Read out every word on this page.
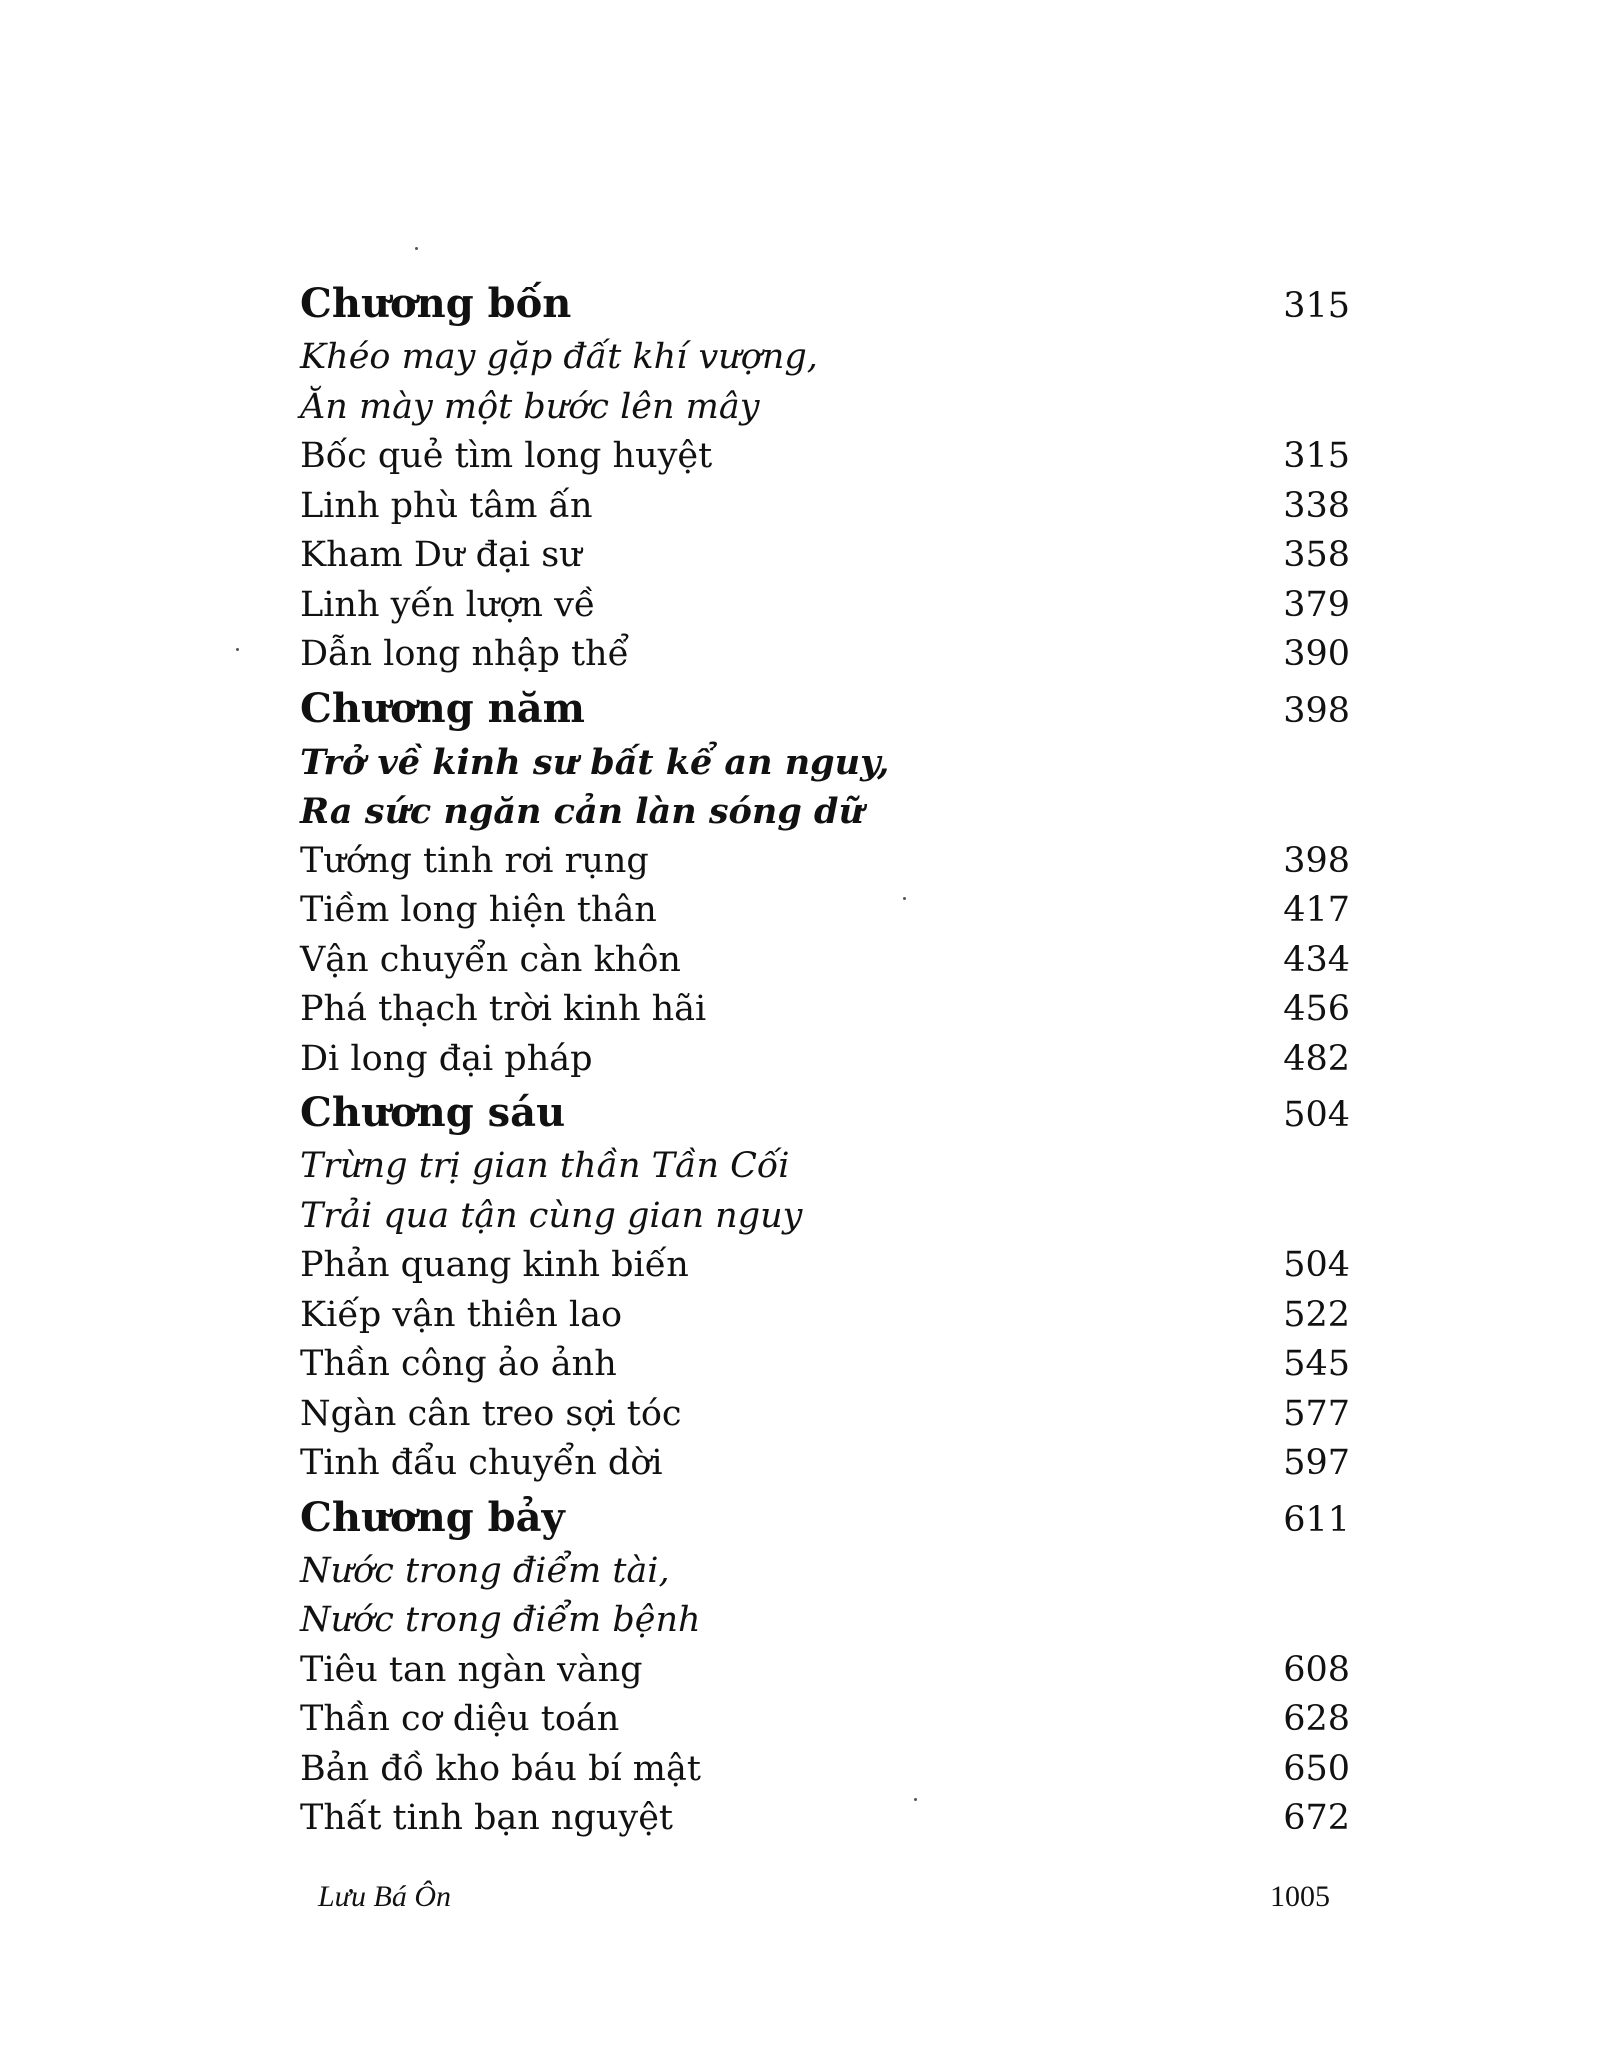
Chương bốn	315
Khéo may gặp đất khí vượng,
Ăn mày một bước lên mây
Bốc quẻ tìm long huyệt	315
Linh phù tâm ấn	338
Kham Dư đại sư	358
Linh yến lượn về	379
Dẫn long nhập thể	390
Chương năm	398
Trở về kinh sư bất kể an nguy,
Ra sức ngăn cản làn sóng dữ
Tướng tinh rơi rụng	398
Tiềm long hiện thân	417
Vận chuyển càn khôn	434
Phá thạch trời kinh hãi	456
Di long đại pháp	482
Chương sáu	504
Trừng trị gian thần Tần Cối
Trải qua tận cùng gian nguy
Phản quang kinh biến	504
Kiếp vận thiên lao	522
Thần công ảo ảnh	545
Ngàn cân treo sợi tóc	577
Tinh đẩu chuyển dời	597
Chương bảy	611
Nước trong điểm tài,
Nước trong điểm bệnh
Tiêu tan ngàn vàng	608
Thần cơ diệu toán	628
Bản đồ kho báu bí mật	650
Thất tinh bạn nguyệt	672
Lưu Bá Ôn	1005
